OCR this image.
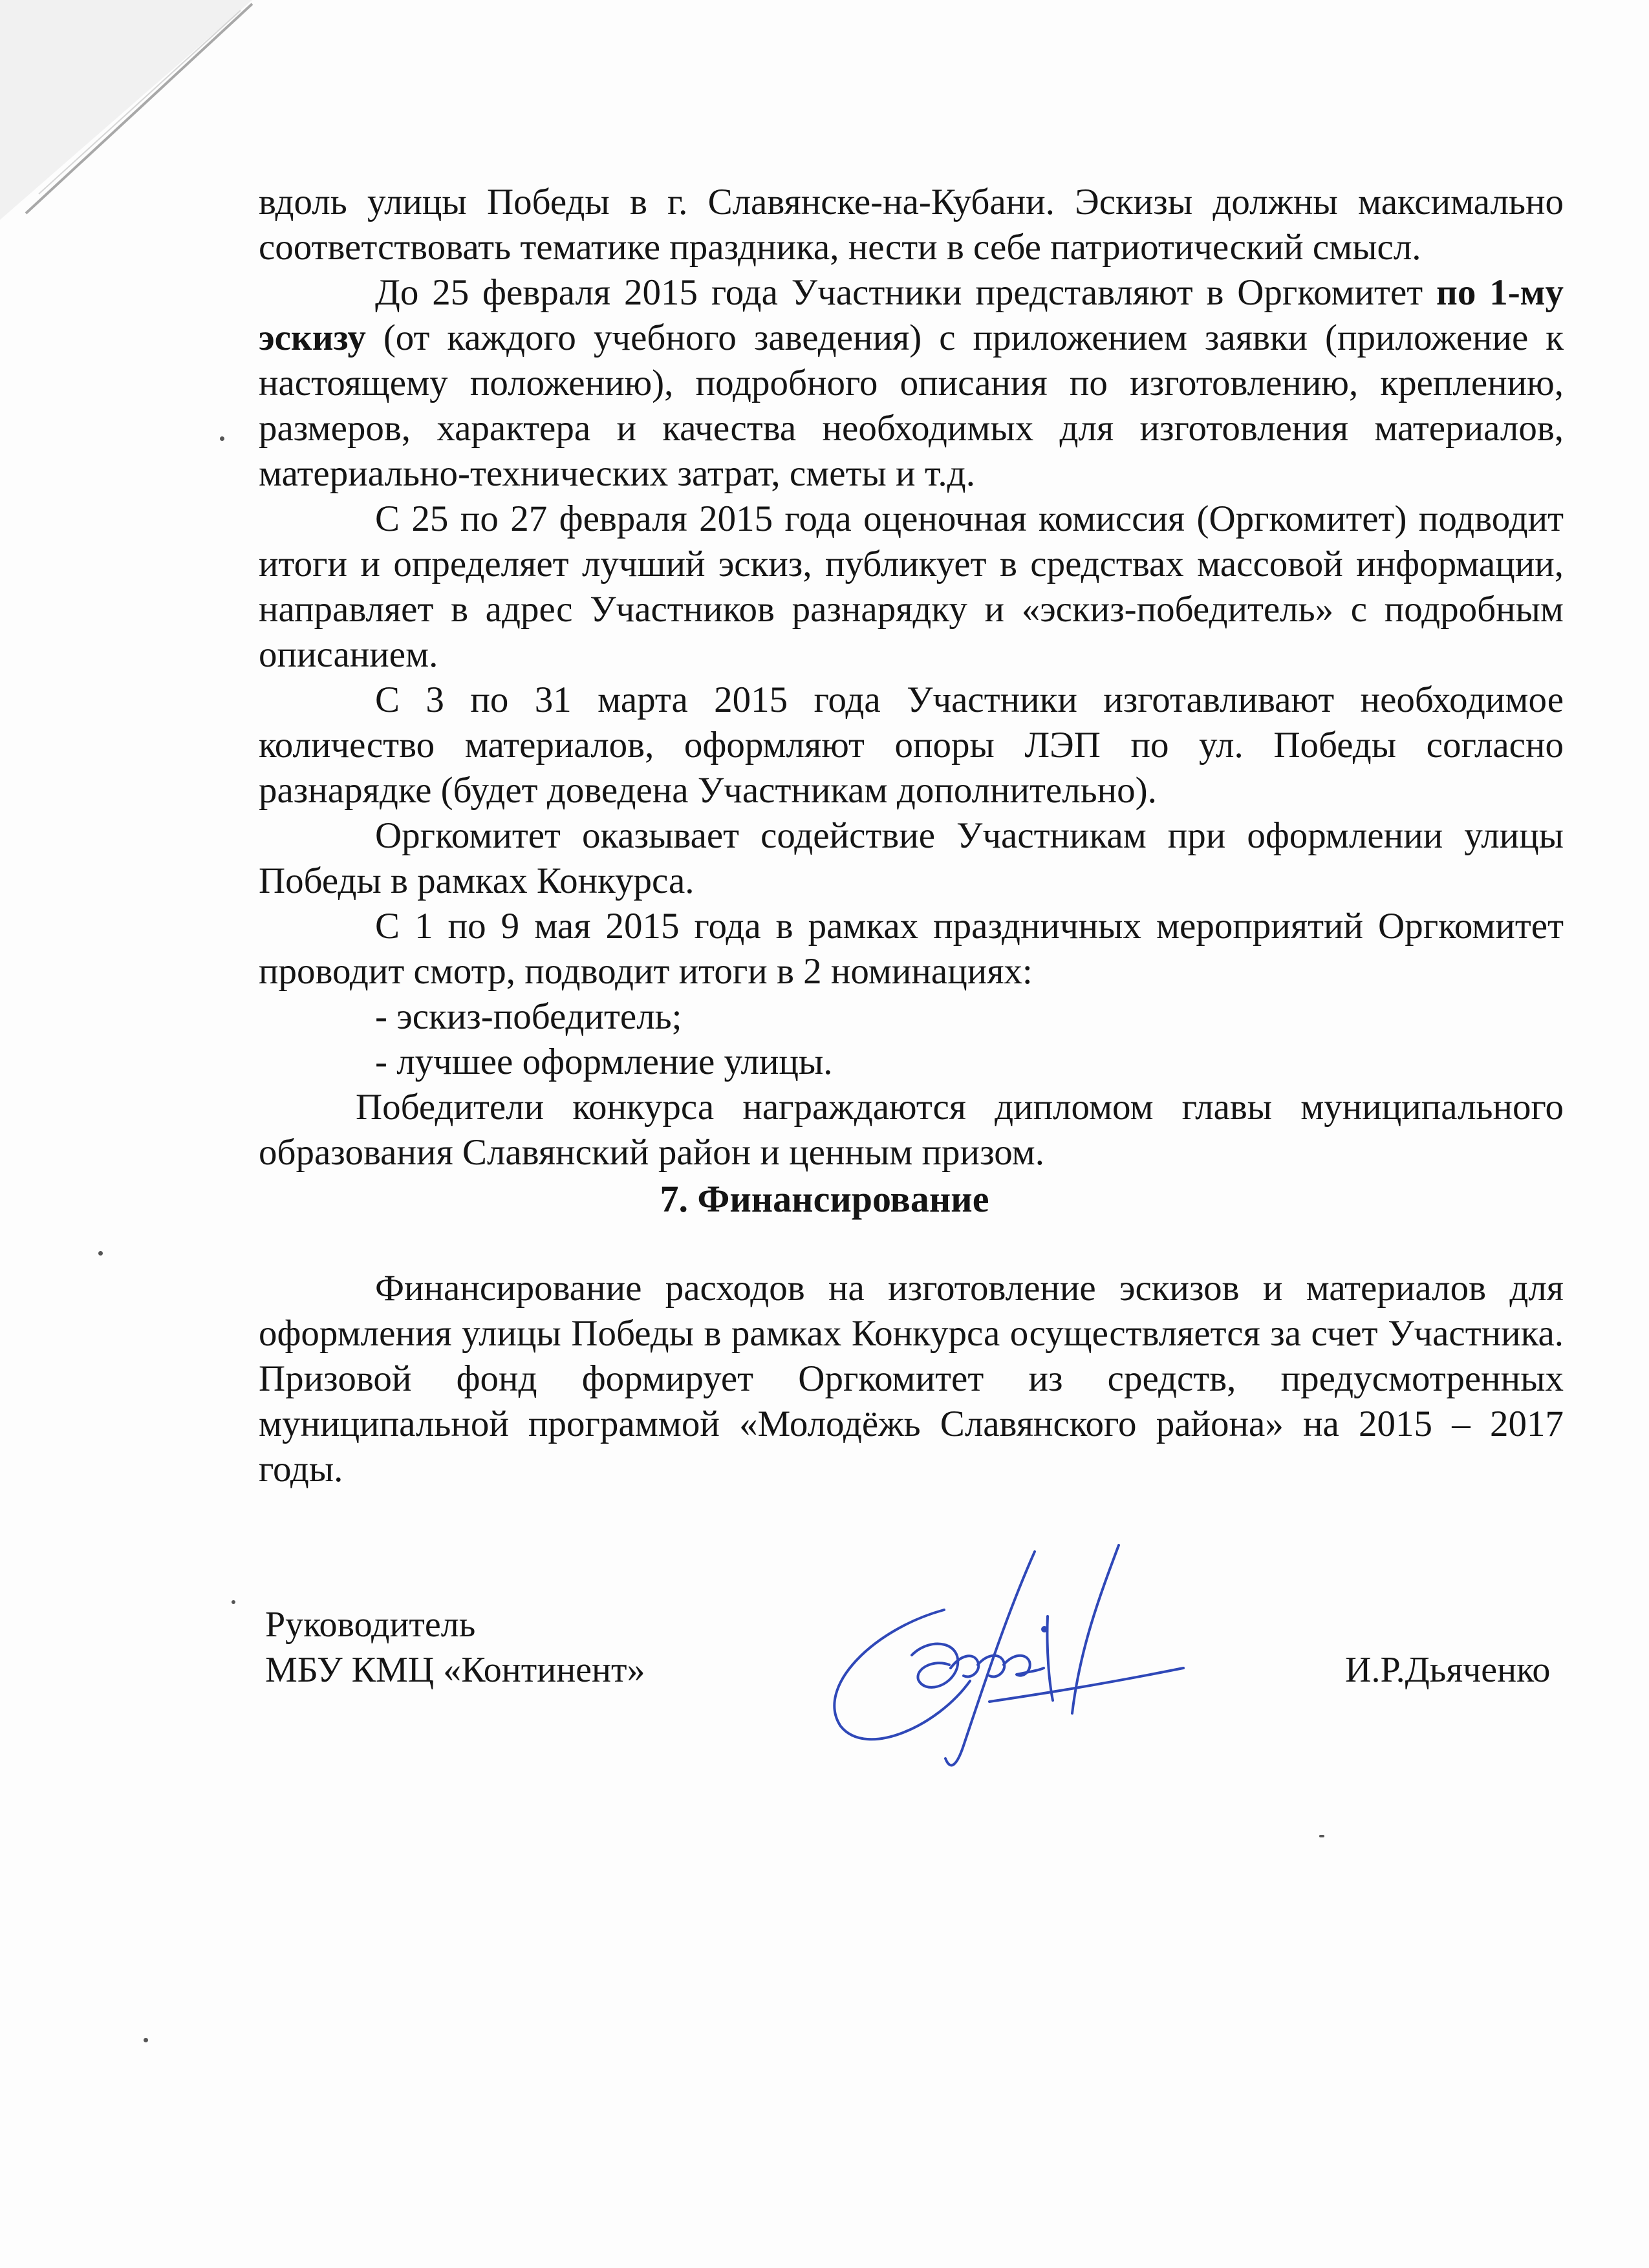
вдоль улицы Победы в г. Славянске-на-Кубани. Эскизы должны максимально соответствовать тематике праздника, нести в себе патриотический смысл.

До 25 февраля 2015 года Участники представляют в Оргкомитет по 1-му эскизу (от каждого учебного заведения) с приложением заявки (приложение к настоящему положению), подробного описания по изготовлению, креплению, размеров, характера и качества необходимых для изготовления материалов, материально-технических затрат, сметы и т.д.

С 25 по 27 февраля 2015 года оценочная комиссия (Оргкомитет) подводит итоги и определяет лучший эскиз, публикует в средствах массовой информации, направляет в адрес Участников разнарядку и «эскиз-победитель» с подробным описанием.

С 3 по 31 марта 2015 года Участники изготавливают необходимое количество материалов, оформляют опоры ЛЭП по ул. Победы согласно разнарядке (будет доведена Участникам дополнительно).

Оргкомитет оказывает содействие Участникам при оформлении улицы Победы в рамках Конкурса.

С 1 по 9 мая 2015 года в рамках праздничных мероприятий Оргкомитет проводит смотр, подводит итоги в 2 номинациях:

- эскиз-победитель;

- лучшее оформление улицы.

Победители конкурса награждаются дипломом главы муниципального образования Славянский район и ценным призом.

7. Финансирование

Финансирование расходов на изготовление эскизов и материалов для оформления улицы Победы в рамках Конкурса осуществляется за счет Участника. Призовой фонд формирует Оргкомитет из средств, предусмотренных муниципальной программой «Молодёжь Славянского района» на 2015 – 2017 годы.

Руководитель
МБУ КМЦ «Континент»	И.Р.Дьяченко
